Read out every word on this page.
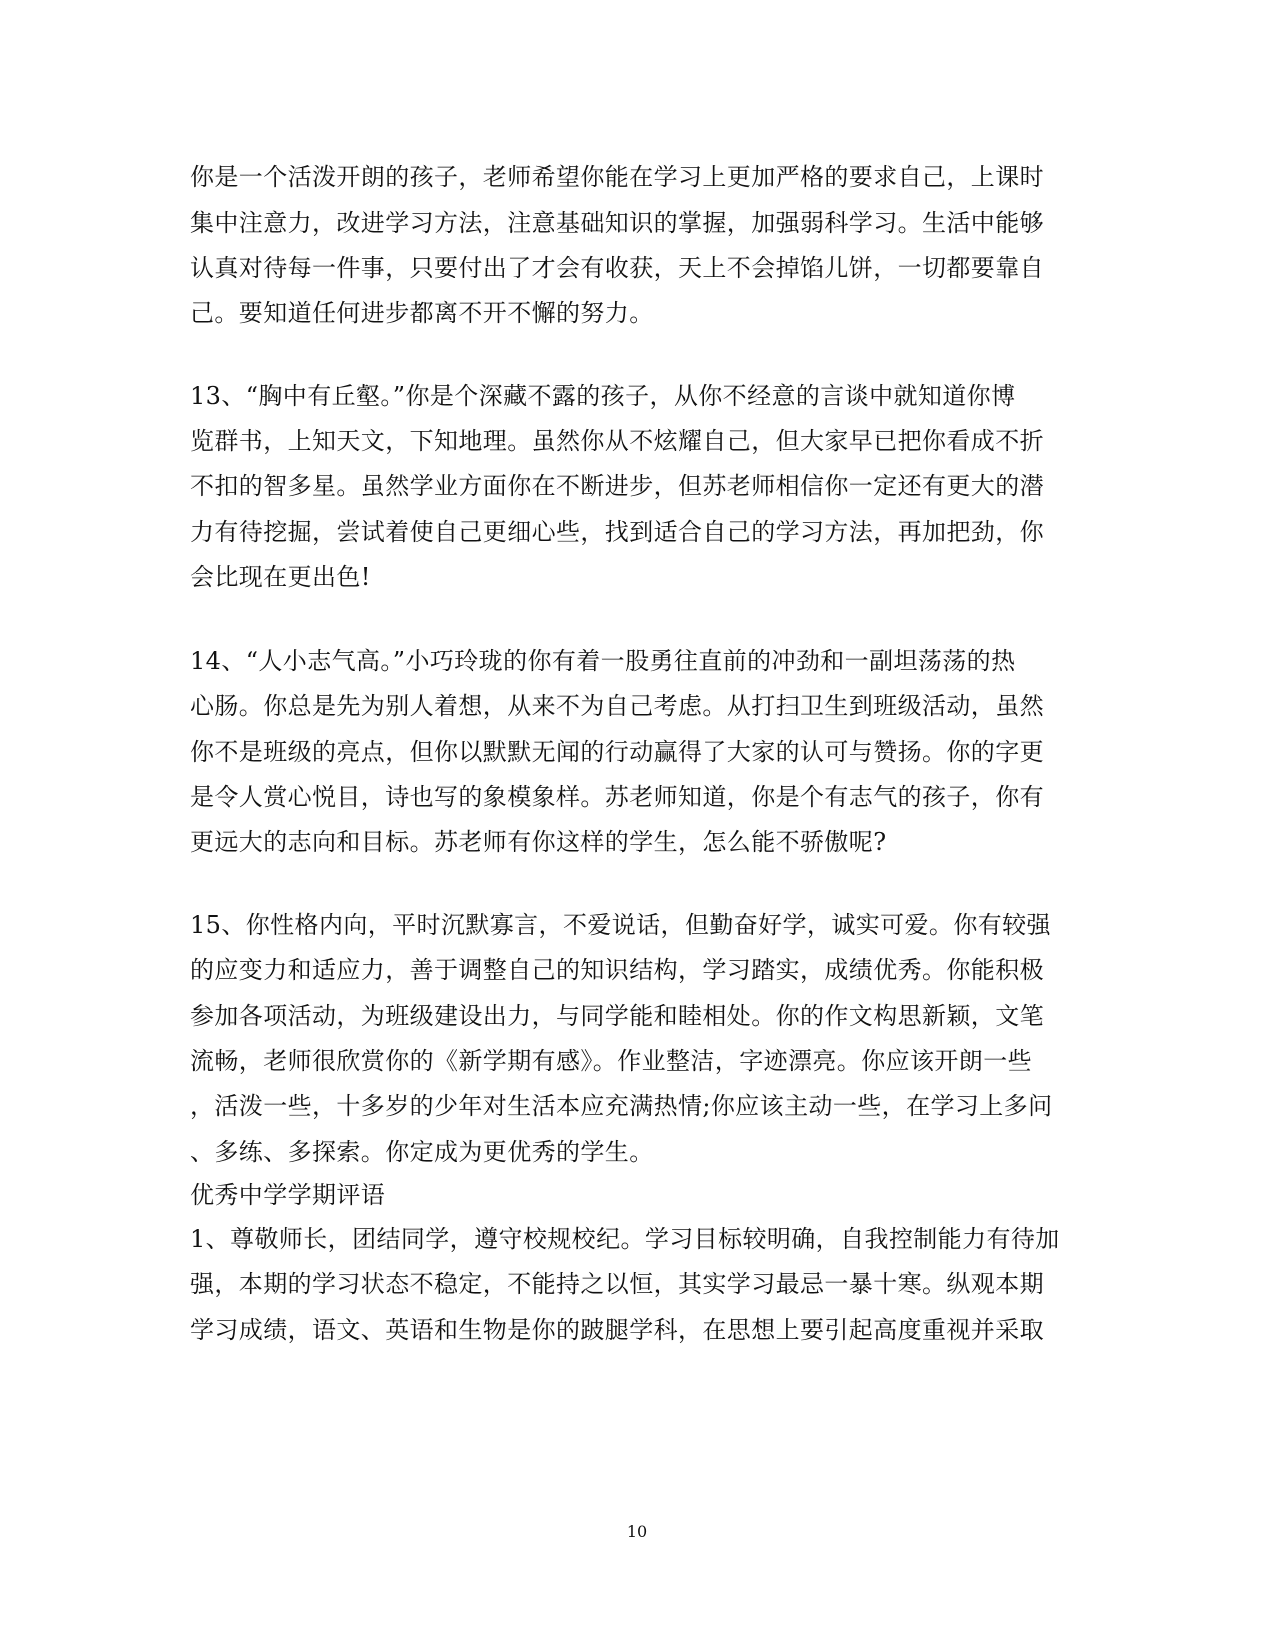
你是一个活泼开朗的孩子，老师希望你能在学习上更加严格的要求自己，上课时
集中注意力，改进学习方法，注意基础知识的掌握，加强弱科学习。生活中能够
认真对待每一件事，只要付出了才会有收获，天上不会掉馅儿饼，一切都要靠自
己。要知道任何进步都离不开不懈的努力。
13、“胸中有丘壑。”你是个深藏不露的孩子，从你不经意的言谈中就知道你博
览群书，上知天文，下知地理。虽然你从不炫耀自己，但大家早已把你看成不折
不扣的智多星。虽然学业方面你在不断进步，但苏老师相信你一定还有更大的潜
力有待挖掘，尝试着使自己更细心些，找到适合自己的学习方法，再加把劲，你
会比现在更出色!
14、“人小志气高。”小巧玲珑的你有着一股勇往直前的冲劲和一副坦荡荡的热
心肠。你总是先为别人着想，从来不为自己考虑。从打扫卫生到班级活动，虽然
你不是班级的亮点，但你以默默无闻的行动赢得了大家的认可与赞扬。你的字更
是令人赏心悦目，诗也写的象模象样。苏老师知道，你是个有志气的孩子，你有
更远大的志向和目标。苏老师有你这样的学生，怎么能不骄傲呢?
15、你性格内向，平时沉默寡言，不爱说话，但勤奋好学，诚实可爱。你有较强
的应变力和适应力，善于调整自己的知识结构，学习踏实，成绩优秀。你能积极
参加各项活动，为班级建设出力，与同学能和睦相处。你的作文构思新颖，文笔
流畅，老师很欣赏你的《新学期有感》。作业整洁，字迹漂亮。你应该开朗一些
，活泼一些，十多岁的少年对生活本应充满热情;你应该主动一些，在学习上多问
、多练、多探索。你定成为更优秀的学生。
优秀中学学期评语
1、尊敬师长，团结同学，遵守校规校纪。学习目标较明确，自我控制能力有待加
强，本期的学习状态不稳定，不能持之以恒，其实学习最忌一暴十寒。纵观本期
学习成绩，语文、英语和生物是你的跛腿学科，在思想上要引起高度重视并采取
10
